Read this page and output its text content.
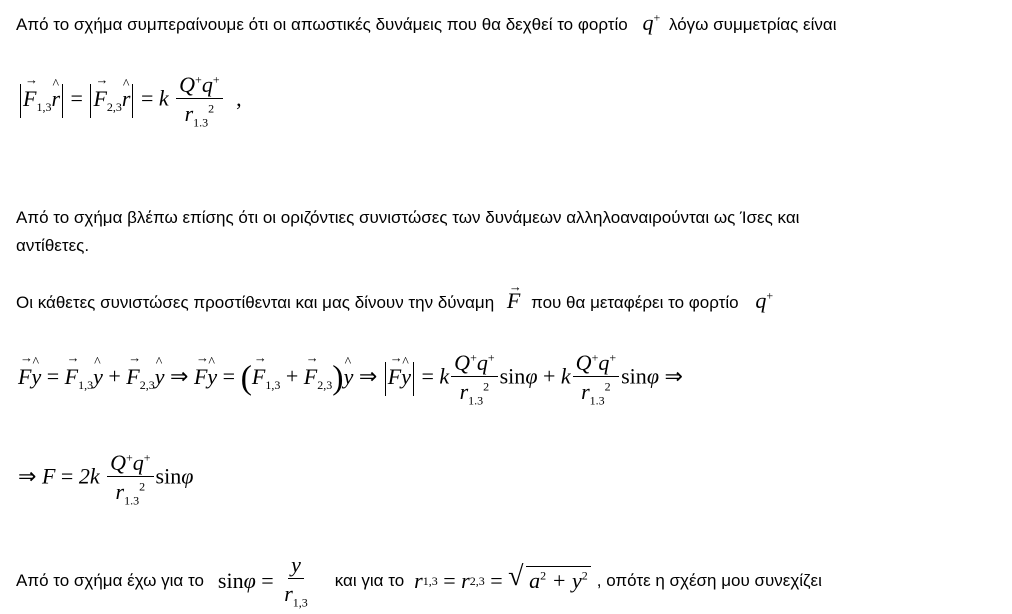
Από το σχήμα συμπεραίνουμε ότι οι απωστικές δυνάμεις που θα δεχθεί το φορτίο q+ λόγω συμμετρίας είναι
→ $F_{1,3}\^{}$ r = → $F_{2,3}\^{}$ r = k $\frac{Q^+q^+}{r_{1.3}^2}$ ,
Από το σχήμα βλέπω επίσης ότι οι οριζόντιες συνιστώσες των δυνάμεων αλληλοαναιρούνται ως Ίσες και
αντίθετες.
Οι κάθετες συνιστώσες προστίθενται και μας δίνουν την δύναμη → F που θα μεταφέρει το φορτίο q+
→ F^ y = → $F_{1,3}\^{}$ y + → $F_{2,3}\^{}$ y ⇒ → F^ y = (→ $F_{1,3}$ + → $F_{2,3})\^{}$ y ⇒ → F^ y = k $\frac{Q^+q^+}{r_{1.3}^2}$ sinφ + k $\frac{Q^+q^+}{r_{1.3}^2}$ sinφ ⇒
⇒ $F = 2k \frac{Q^+q^+}{r_{1.3}^2}$ sinφ
Από το σχήμα έχω για το $\sin \varphi = \frac{y}{r_{1,3}}$ και για το r 1,3 = r 2,3 = √ $a^2 + y^2$ , οπότε η σχέση μου συνεχίζει
